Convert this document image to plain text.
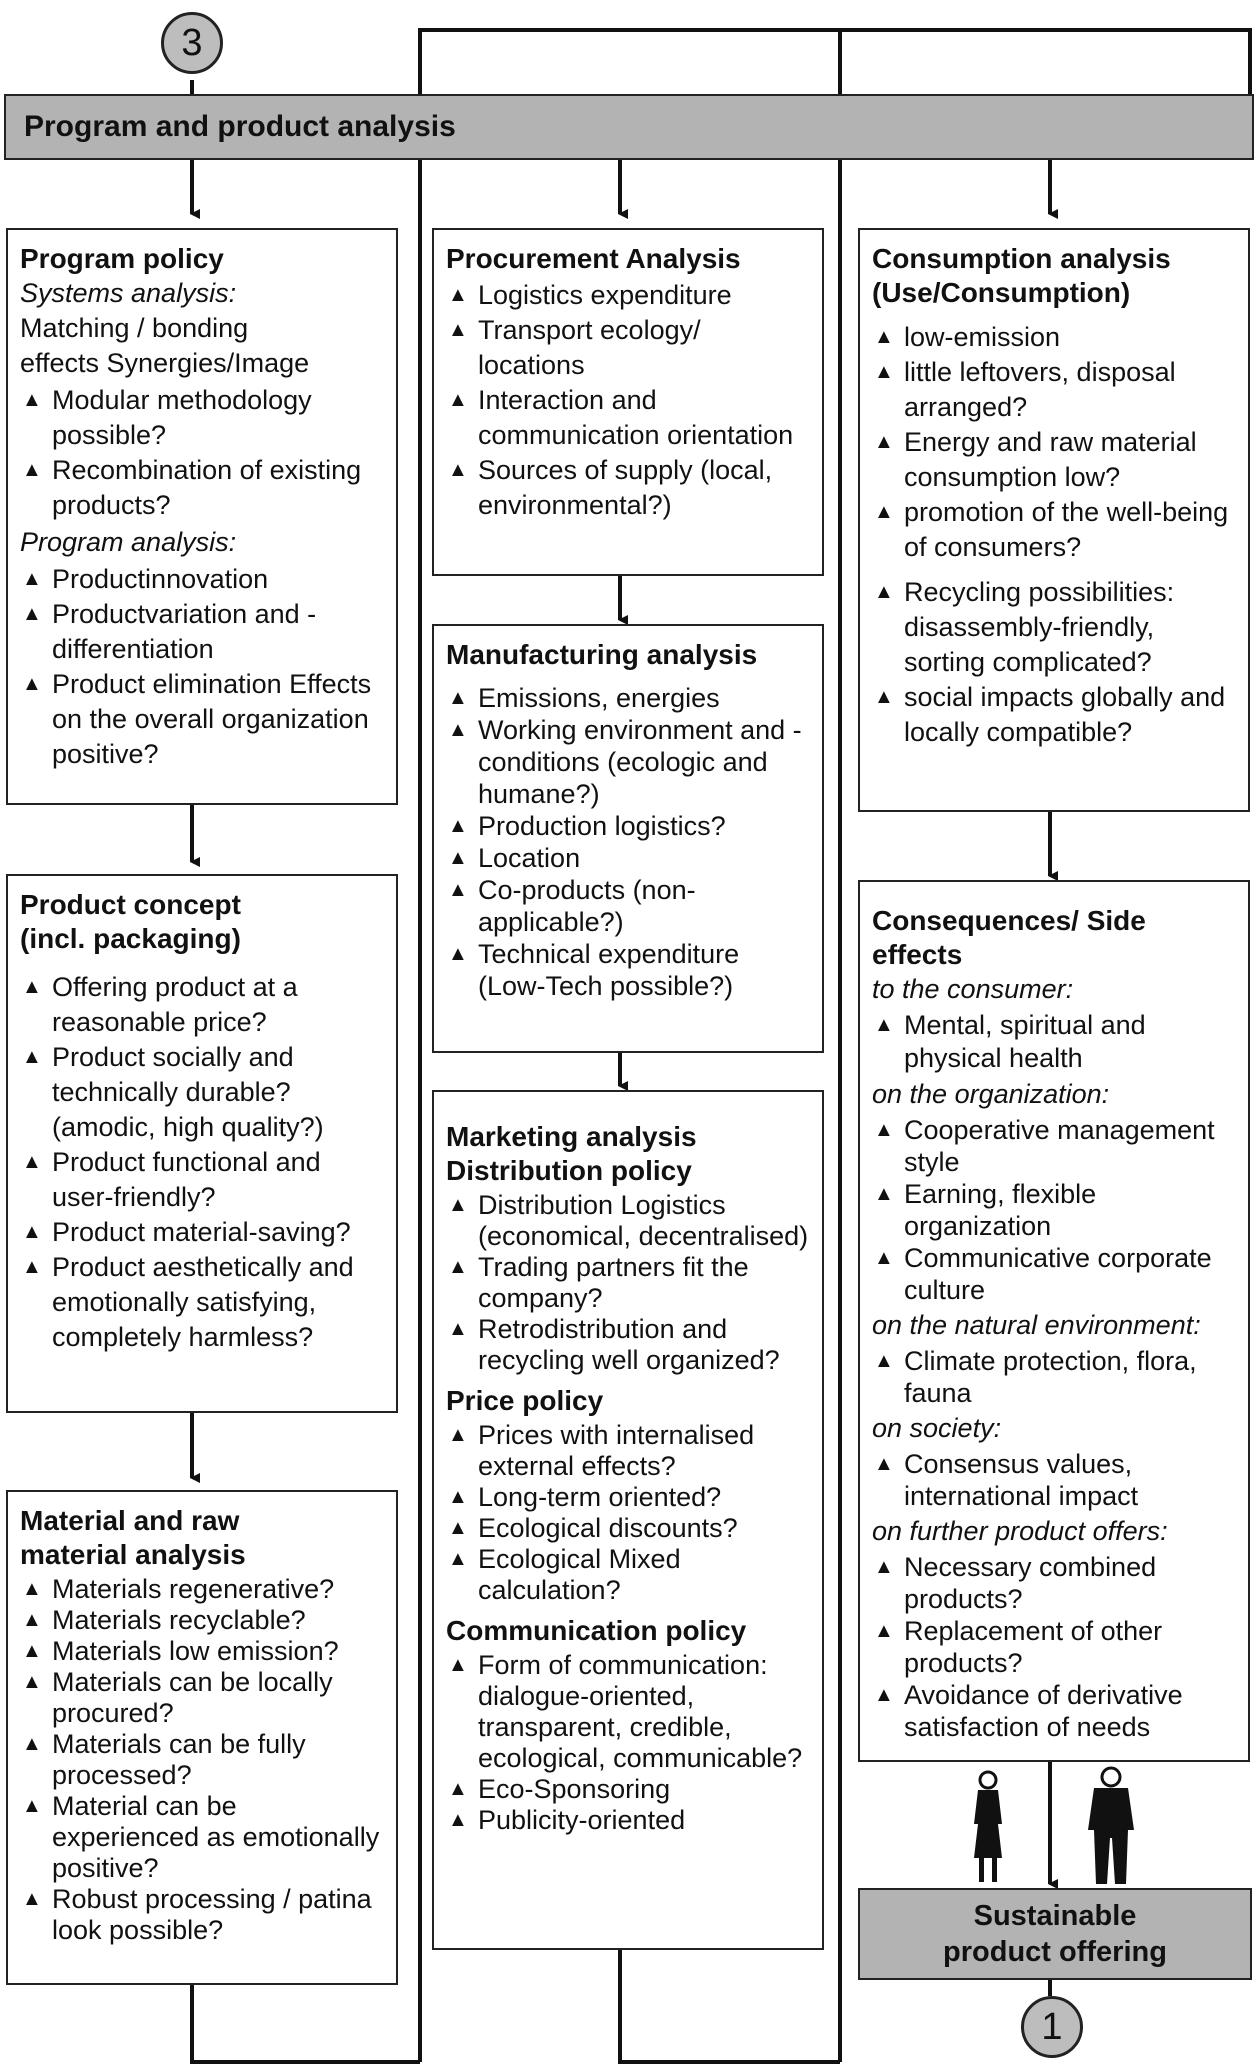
3
Program and product analysis
Program policy
Systems analysis:
Matching / bonding
effects Synergies/Image
▲ Modular methodology possible?
▲ Recombination of existing products?
Program analysis:
▲ Productinnovation
▲ Productvariation and - differentiation
▲ Product elimination Effects on the overall organization positive?
Product concept
(incl. packaging)
▲ Offering product at a reasonable price?
▲ Product socially and technically durable? (amodic, high quality?)
▲ Product functional and user-friendly?
▲ Product material-saving?
▲ Product aesthetically and emotionally satisfying, completely harmless?
Material and raw
material analysis
▲ Materials regenerative?
▲ Materials recyclable?
▲ Materials low emission?
▲ Materials can be locally procured?
▲ Materials can be fully processed?
▲ Material can be experienced as emotionally positive?
▲ Robust processing / patina look possible?
Procurement Analysis
▲ Logistics expenditure
▲ Transport ecology/ locations
▲ Interaction and communication orientation
▲ Sources of supply (local, environmental?)
Manufacturing analysis
▲ Emissions, energies
▲ Working environment and -conditions (ecologic and humane?)
▲ Production logistics?
▲ Location
▲ Co-products (non-applicable?)
▲ Technical expenditure (Low-Tech possible?)
Marketing analysis
Distribution policy
▲ Distribution Logistics (economical, decentralised)
▲ Trading partners fit the company?
▲ Retrodistribution and recycling well organized?
Price policy
▲ Prices with internalised external effects?
▲ Long-term oriented?
▲ Ecological discounts?
▲ Ecological Mixed calculation?
Communication policy
▲ Form of communication: dialogue-oriented, transparent, credible, ecological, communicable?
▲ Eco-Sponsoring
▲ Publicity-oriented
Consumption analysis
(Use/Consumption)
▲ low-emission
▲ little leftovers, disposal arranged?
▲ Energy and raw material consumption low?
▲ promotion of the well-being of consumers?
▲ Recycling possibilities: disassembly-friendly, sorting complicated?
▲ social impacts globally and locally compatible?
Consequences/ Side effects
to the consumer:
▲ Mental, spiritual and physical health
on the organization:
▲ Cooperative management style
▲ Earning, flexible organization
▲ Communicative corporate culture
on the natural environment:
▲ Climate protection, flora, fauna
on society:
▲ Consensus values, international impact
on further product offers:
▲ Necessary combined products?
▲ Replacement of other products?
▲ Avoidance of derivative satisfaction of needs
Sustainable
product offering
1
